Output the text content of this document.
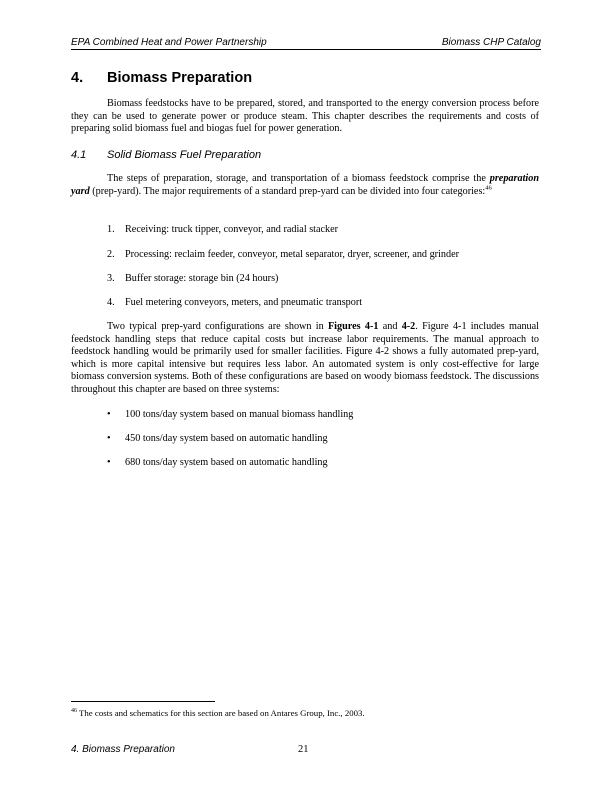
EPA Combined Heat and Power Partnership	Biomass CHP Catalog
4. Biomass Preparation
Biomass feedstocks have to be prepared, stored, and transported to the energy conversion process before they can be used to generate power or produce steam. This chapter describes the requirements and costs of preparing solid biomass fuel and biogas fuel for power generation.
4.1 Solid Biomass Fuel Preparation
The steps of preparation, storage, and transportation of a biomass feedstock comprise the preparation yard (prep-yard). The major requirements of a standard prep-yard can be divided into four categories:$^{46}$
1. Receiving: truck tipper, conveyor, and radial stacker
2. Processing: reclaim feeder, conveyor, metal separator, dryer, screener, and grinder
3. Buffer storage: storage bin (24 hours)
4. Fuel metering conveyors, meters, and pneumatic transport
Two typical prep-yard configurations are shown in Figures 4-1 and 4-2. Figure 4-1 includes manual feedstock handling steps that reduce capital costs but increase labor requirements. The manual approach to feedstock handling would be primarily used for smaller facilities. Figure 4-2 shows a fully automated prep-yard, which is more capital intensive but requires less labor. An automated system is only cost-effective for large biomass conversion systems. Both of these configurations are based on woody biomass feedstock. The discussions throughout this chapter are based on three systems:
• 100 tons/day system based on manual biomass handling
• 450 tons/day system based on automatic handling
• 680 tons/day system based on automatic handling
$^{46}$ The costs and schematics for this section are based on Antares Group, Inc., 2003.
4. Biomass Preparation	21
